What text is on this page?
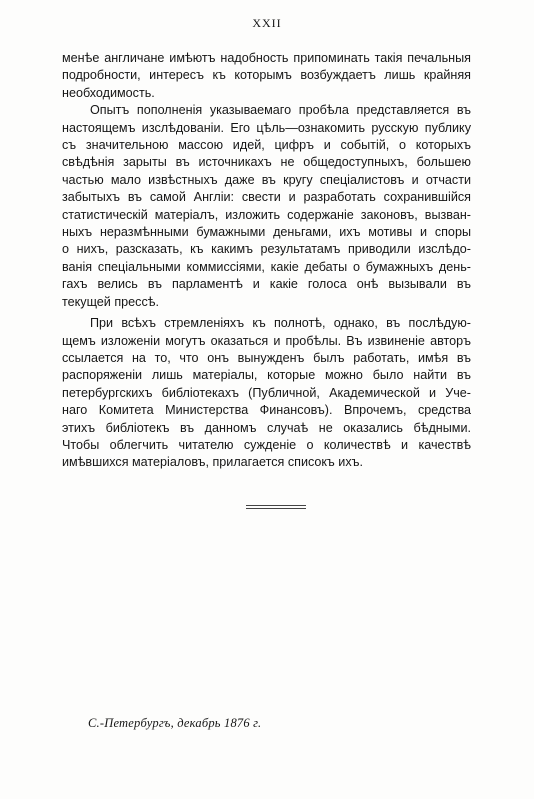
XXII

менѣе англичане имѣютъ надобность припоминать такія печальныя
подробности, интересъ къ которымъ возбуждаетъ лишь крайняя
необходимость.

Опытъ пополненія указываемаго пробѣла представляется въ
настоящемъ изслѣдованіи. Его цѣль—ознакомить русскую публику
съ значительною массою идей, цифръ и событій, о которыхъ
свѣдѣнія зарыты въ источникахъ не общедоступныхъ, большею
частью мало извѣстныхъ даже въ кругу спеціалистовъ и отчасти
забытыхъ въ самой Англіи: свести и разработать сохранившійся
статистическій матеріалъ, изложить содержаніе законовъ, вызван-
ныхъ неразмѣнными бумажными деньгами, ихъ мотивы и споры
о нихъ, разсказать, къ какимъ результатамъ приводили изслѣдо-
ванія спеціальными коммиссіями, какіе дебаты о бумажныхъ день-
гахъ велись въ парламентѣ и какіе голоса онѣ вызывали въ
текущей прессѣ.

При всѣхъ стремленіяхъ къ полнотѣ, однако, въ послѣдую-
щемъ изложеніи могутъ оказаться и пробѣлы. Въ извиненіе авторъ
ссылается на то, что онъ вынужденъ былъ работать, имѣя въ
распоряженіи лишь матеріалы, которые можно было найти въ
петербургскихъ библіотекахъ (Публичной, Академической и Уче-
наго Комитета Министерства Финансовъ). Впрочемъ, средства
этихъ библіотекъ въ данномъ случаѣ не оказались бѣдными.
Чтобы облегчить читателю сужденіе о количествѣ и качествѣ
имѣвшихся матеріаловъ, прилагается списокъ ихъ.

С.-Петербургъ, декабрь 1876 г.
